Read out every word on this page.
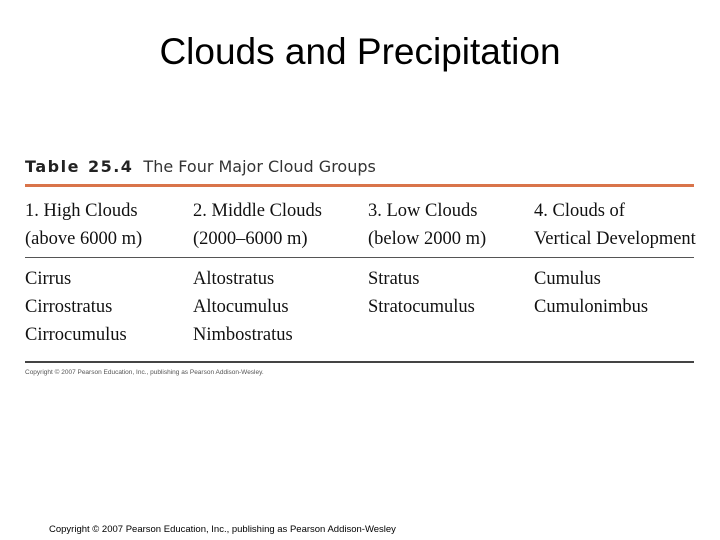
Clouds and Precipitation
Table 25.4 The Four Major Cloud Groups
1. High Clouds
(above 6000 m)
2. Middle Clouds
(2000–6000 m)
3. Low Clouds
(below 2000 m)
4. Clouds of
Vertical Development
Cirrus
Cirrostratus
Cirrocumulus
Altostratus
Altocumulus
Nimbostratus
Stratus
Stratocumulus
Cumulus
Cumulonimbus
Copyright © 2007 Pearson Education, Inc., publishing as Pearson Addison-Wesley.
Copyright © 2007 Pearson Education, Inc., publishing as Pearson Addison-Wesley
